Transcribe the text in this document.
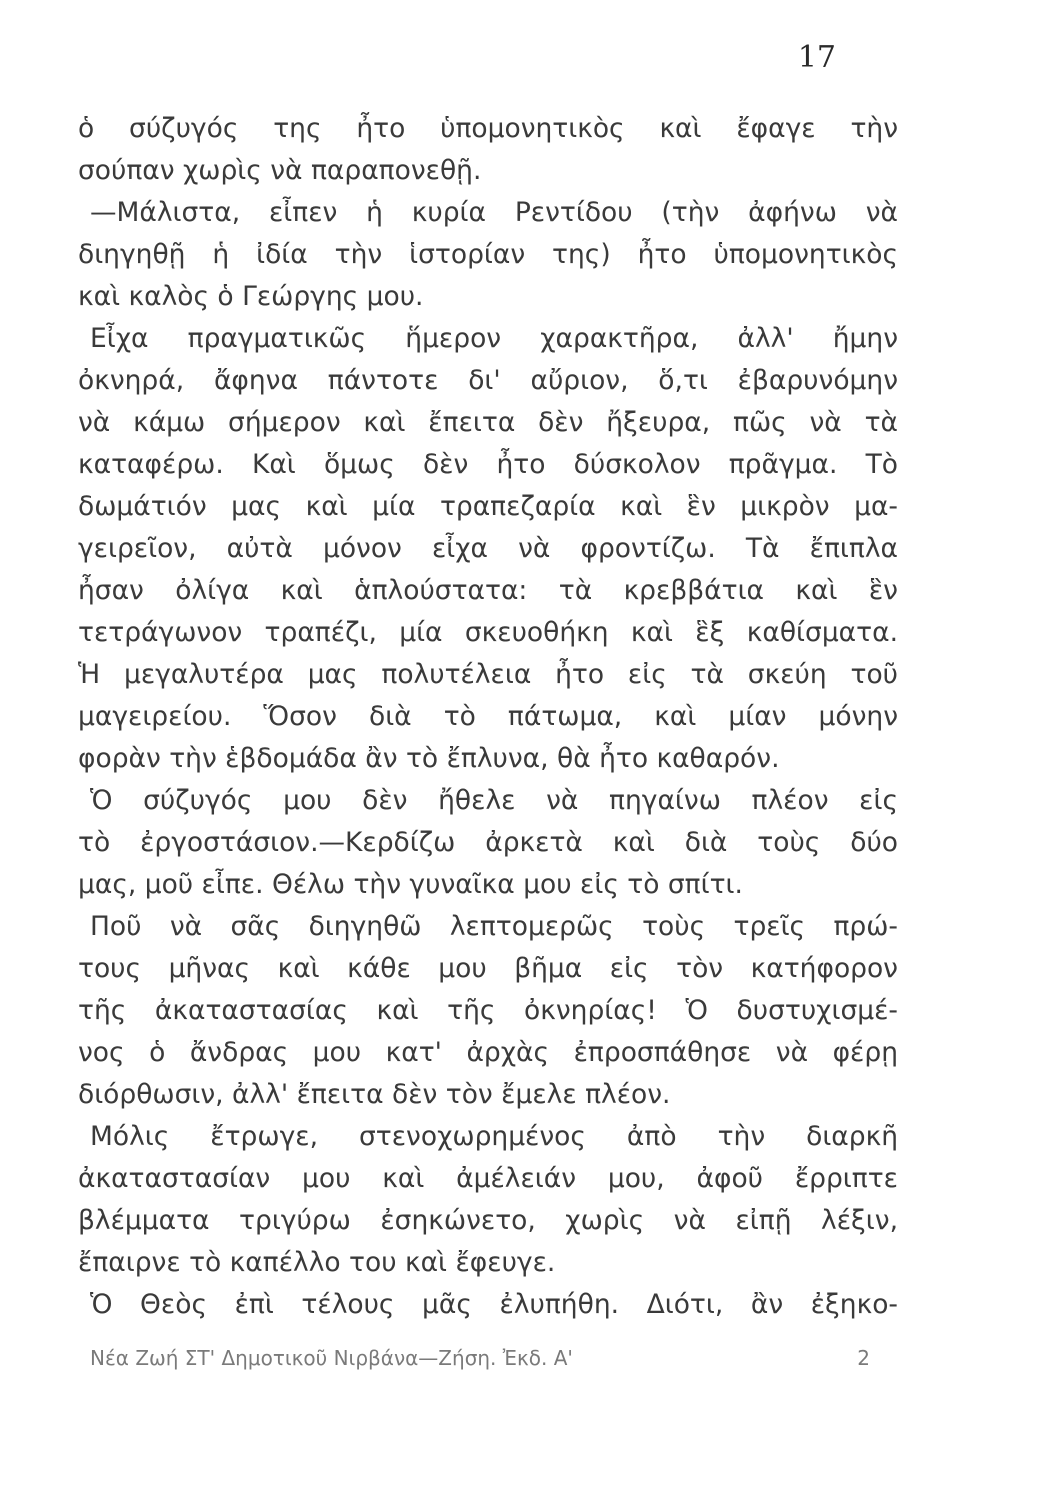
17
ὁ σύζυγός της ἦτο ὑπομονητικὸς καὶ ἔφαγε τὴν
σούπαν χωρὶς νὰ παραπονεθῇ.
—Μάλιστα, εἶπεν ἡ κυρία Ρεντίδου (τὴν ἀφήνω νὰ
διηγηθῇ ἡ ἰδία τὴν ἱστορίαν της) ἦτο ὑπομονητικὸς
καὶ καλὸς ὁ Γεώργης μου.
Εἶχα πραγματικῶς ἥμερον χαρακτῆρα, ἀλλ' ἤμην
ὀκνηρά, ἄφηνα πάντοτε δι' αὔριον, ὅ,τι ἐβαρυνόμην
νὰ κάμω σήμερον καὶ ἔπειτα δὲν ἤξευρα, πῶς νὰ τὰ
καταφέρω. Καὶ ὅμως δὲν ἦτο δύσκολον πρᾶγμα. Τὸ
δωμάτιόν μας καὶ μία τραπεζαρία καὶ ἓν μικρὸν μα-
γειρεῖον, αὐτὰ μόνον εἶχα νὰ φροντίζω. Τὰ ἔπιπλα
ἦσαν ὀλίγα καὶ ἁπλούστατα: τὰ κρεββάτια καὶ ἓν
τετράγωνον τραπέζι, μία σκευοθήκη καὶ ἓξ καθίσματα.
Ἡ μεγαλυτέρα μας πολυτέλεια ἦτο εἰς τὰ σκεύη τοῦ
μαγειρείου. Ὅσον διὰ τὸ πάτωμα, καὶ μίαν μόνην
φορὰν τὴν ἑβδομάδα ἂν τὸ ἔπλυνα, θὰ ἦτο καθαρόν.
Ὁ σύζυγός μου δὲν ἤθελε νὰ πηγαίνω πλέον εἰς
τὸ ἐργοστάσιον.—Κερδίζω ἀρκετὰ καὶ διὰ τοὺς δύο
μας, μοῦ εἶπε. Θέλω τὴν γυναῖκα μου εἰς τὸ σπίτι.
Ποῦ νὰ σᾶς διηγηθῶ λεπτομερῶς τοὺς τρεῖς πρώ-
τους μῆνας καὶ κάθε μου βῆμα εἰς τὸν κατήφορον
τῆς ἀκαταστασίας καὶ τῆς ὀκνηρίας! Ὁ δυστυχισμέ-
νος ὁ ἄνδρας μου κατ' ἀρχὰς ἐπροσπάθησε νὰ φέρῃ
διόρθωσιν, ἀλλ' ἔπειτα δὲν τὸν ἔμελε πλέον.
Μόλις ἔτρωγε, στενοχωρημένος ἀπὸ τὴν διαρκῆ
ἀκαταστασίαν μου καὶ ἀμέλειάν μου, ἀφοῦ ἔρριπτε
βλέμματα τριγύρω ἐσηκώνετο, χωρὶς νὰ εἰπῇ λέξιν,
ἔπαιρνε τὸ καπέλλο του καὶ ἔφευγε.
Ὁ Θεὸς ἐπὶ τέλους μᾶς ἐλυπήθη. Διότι, ἂν ἐξηκο-
Νέα Ζωή ΣΤ' Δημοτικοῦ Νιρβάνα—Ζήση. Ἐκδ. Α'	2
